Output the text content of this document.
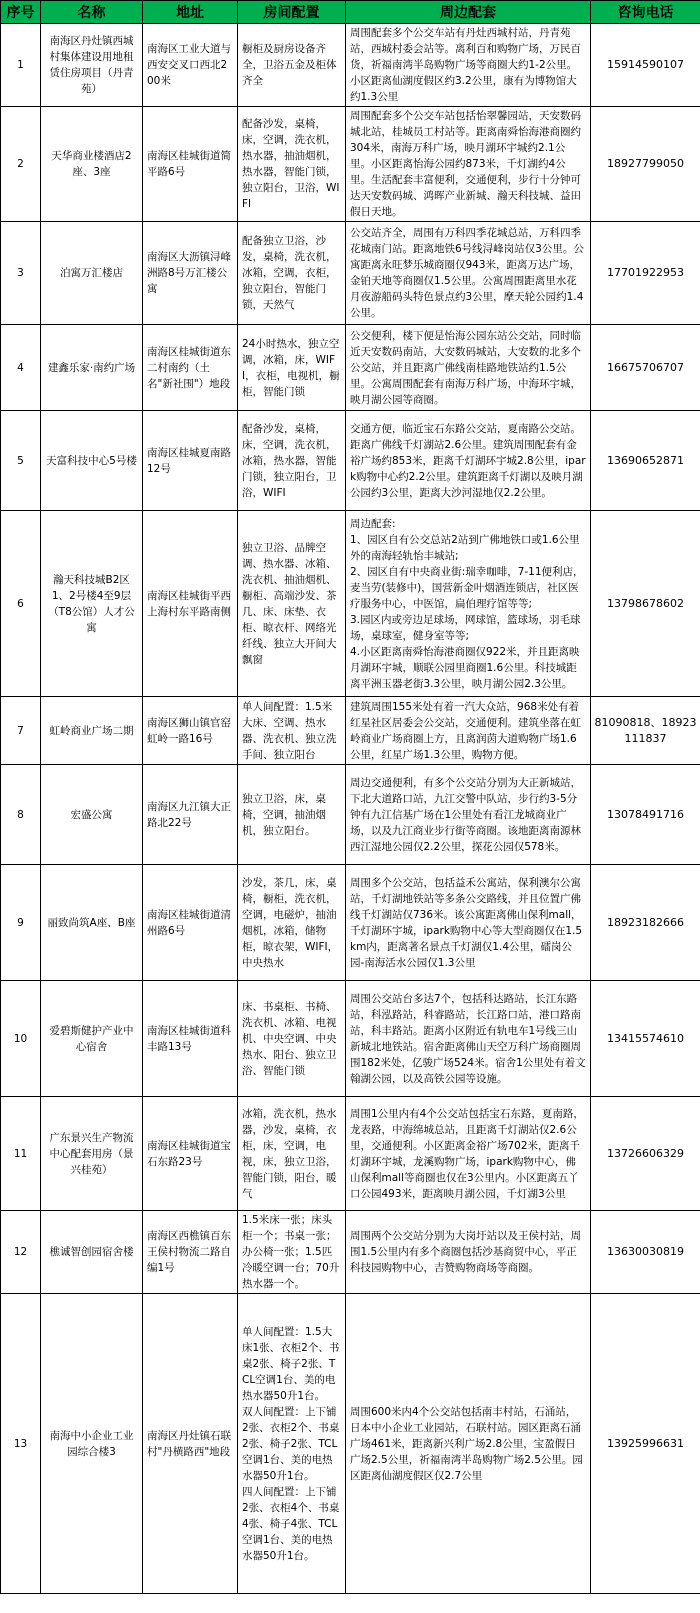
序号	名称	地址	房间配置	周边配套	咨询电话
1	南海区丹灶镇西城村集体建设用地租赁住房项目（丹青苑）	南海区工业大道与西安交叉口西北200米	橱柜及厨房设备齐全，卫浴五金及柜体齐全	周围配套多个公交车站有丹灶西城村站，丹青苑站，西城村委会站等。离利百和购物广场，万民百货，祈福南湾半岛购物广场等商圈大约1-2公里。小区距离仙湖度假区约3.2公里，康有为博物馆大约1.3公里	15914590107
2	天华商业楼酒店2座、3座	南海区桂城街道简平路6号	配备沙发，桌椅，床，空调，洗衣机，热水器，抽油烟机，热水器，智能门锁，独立阳台，卫浴，WIFI	周围配套多个公交车站包括怡翠馨园站，天安数码城北站，桂城员工村站等。距离南舜怡海港商圈约304米，南海万科广场，映月湖环宇城约2.1公里。小区距离怡海公园约873米，千灯湖约4公里。生活配套丰富便利，交通便利，步行十分钟可达天安数码城、鸿晖产业新城、瀚天科技城、益田假日天地。	18927799050
3	泊寓万汇楼店	南海区大沥镇浔峰洲路8号万汇楼公寓	配备独立卫浴，沙发，桌椅，洗衣机，冰箱，空调，衣柜，独立阳台，智能门锁，天然气	公交站齐全，周围有万科四季花城总站，万科四季花城南门站。距离地铁6号线浔峰岗站仅3公里。公寓距离永旺梦乐城商圈仅943米，距离万达广场，金铂天地等商圈仅1.5公里。公寓周围距离里水花月夜游船码头特色景点约3公里，摩天轮公园约1.4公里。	17701922953
4	建鑫乐家·南约广场	南海区桂城街道东二村南约（土名"新社围"）地段	24小时热水，独立空调，冰箱，床，WIFI，衣柜，电视机，橱柜，智能门锁	公交便利，楼下便是怡海公园东站公交站，同时临近天安数码南站，大安数码城站，大安数的北多个公交站，并且距离广佛线南桂路地铁站约1.5公里。公寓周围配套有南海万科广场，中海环宇城，映月湖公园等商圈。	16675706707
5	天富科技中心5号楼	南海区桂城夏南路12号	配备沙发，桌椅，床，空调，洗衣机，冰箱，热水器，智能门锁，独立阳台，卫浴，WIFI	交通方便，临近宝石东路公交站，夏南路公交站。距离广佛线千灯湖站2.6公里。建筑周围配套有金裕广场约853米，距离千灯湖环宇城2.8公里，ipark购物中心约2.2公里。建筑距离千灯湖以及映月湖公园约3公里，距离大沙河湿地仅2.2公里。	13690652871
6	瀚天科技城B2区1、2号楼4至9层（T8公馆）人才公寓	南海区桂城街平西上海村东平路南侧	独立卫浴、品牌空调、热水器、冰箱、洗衣机、抽油烟机、橱柜、高端沙发、茶几、床、床垫、衣柜、晾衣杆、网络光纤线、独立大开间大飘窗	周边配套:
1、园区自有公交总站2站到广佛地铁口或1.6公里外的南海轻轨怡丰城站;
2、园区自有中央商业街:瑞幸咖啡，7-11便利店，麦当劳(装修中)，国营新金叶烟酒连锁店，社区医疗服务中心，中医馆，扁伯理疗馆等等;
3.园区内或旁边足球场，网球馆，篮球场，羽毛球场，桌球室，健身室等等;
4.小区距离南舜怡海港商圈仅922米，并且距离映月湖环宇城，顺联公园里商圈1.6公里。科技城距离平洲玉器老街3.3公里，映月湖公园2.3公里。	13798678602
7	虹岭商业广场二期	南海区狮山镇官窑虹岭一路16号	单人间配置：1.5米大床、空调、热水器、洗衣机、独立洗手间、独立阳台	建筑周围155米处有着一汽大众站，968米处有着红星社区居委会公交站，交通便利。建筑坐落在虹岭商业广场商圈上方，且离润茵大道购物广场1.6公里，红星广场1.3公里，购物方便。	81090818、18923111837
8	宏盛公寓	南海区九江镇大正路北22号	独立卫浴，床，桌椅，空调，抽油烟机，独立阳台。	周边交通便利，有多个公交站分别为大正新城站，下北大道路口站，九江交警中队站，步行约3-5分钟有九江信基广场在1公里处有看江龙城商业广场，以及九江商业步行街等商圈。该地距离南源林西江湿地公园仅2.2公里，探花公园仅578米。	13078491716
9	丽致尚筑A座、B座	南海区桂城街道清州路6号	沙发，茶几，床，桌椅，橱柜，洗衣机，空调，电磁炉，抽油烟机，冰箱，储物柜，晾衣架，WIFI，中央热水	周围多个公交站，包括益禾公寓站，保利澳尔公寓站，千灯湖地铁站等多条公交路线，并且位置广佛线千灯湖站仅736米。该公寓距离佛山保利mall，千灯湖环宇城，ipark购物中心等大型商圈仅在1.5km内，距离著名景点千灯湖仅1.4公里，礌岗公园-南海活水公园仅1.3公里	18923182666
10	爱碧斯健护产业中心宿舍	南海区桂城街道科丰路13号	床、书桌柜、书椅、洗衣机、冰箱、电视机、中央空调、中央热水、阳台、独立卫浴、智能门锁	周围公交站台多达7个，包括科达路站，长江东路站，科泓路站，科睿路站，长江路口站，港口路南站，科丰路站。距离小区附近有轨电车1号线三山新城北地铁站。宿舍距离佛山天空万科广场商圈周围182米处，亿骏广场524米。宿舍1公里处有着文翰湖公园，以及高铁公园等设施。	13415574610
11	广东景兴生产物流中心配套用房（景兴桂苑）	南海区桂城街道宝石东路23号	冰箱，洗衣机，热水器，沙发，桌椅，衣柜，床，空调，电视，床，独立卫浴，智能门锁，阳台，暖气	周围1公里内有4个公交站包括宝石东路，夏南路，龙表路，中海绵城总站，且距离千灯湖站仅2.6公里，交通便利。小区距离金裕广场702米，距离千灯湖环宇城，龙溪购物广场，ipark购物中心，佛山保利mall等商圈也仅在3公里内。小区距离五丫口公园493米，距离映月湖公园，千灯湖3公里	13726606329
12	樵诚智创园宿舍楼	南海区西樵镇百东王侯村物流二路自编1号	1.5米床一张；床头柜一个；书桌一张；办公椅一张；1.5匹冷暖空调一台；70升热水器一个。	周围两个公交站分别为大岗圩站以及王侯村站，周围1.5公里内有多个商圈包括沙基商贸中心，平正科技园购物中心，吉赞购物商场等商圈。	13630030819
13	南海中小企业工业园综合楼3	南海区丹灶镇石联村"丹横路西"地段	单人间配置：1.5大床1张、衣柜2个、书桌2张、椅子2张、TCL空调1台、美的电热水器50升1台。
双人间配置：上下铺2张、衣柜2个、书桌2张、椅子2张、TCL空调1台、美的电热水器50升1台。
四人间配置：上下铺2张、衣柜4个、书桌4张、椅子4张、TCL空调1台、美的电热水器50升1台。	周围600米内4个公交站包括南丰村站，石涌站，日本中小企业工业园站，石联村站。园区距离石涌广场461米，距离新兴利广场2.8公里，宝盈假日广场2.5公里，祈福南湾半岛购物广场2.5公里。园区距离仙湖度假区仅2.7公里	13925996631
